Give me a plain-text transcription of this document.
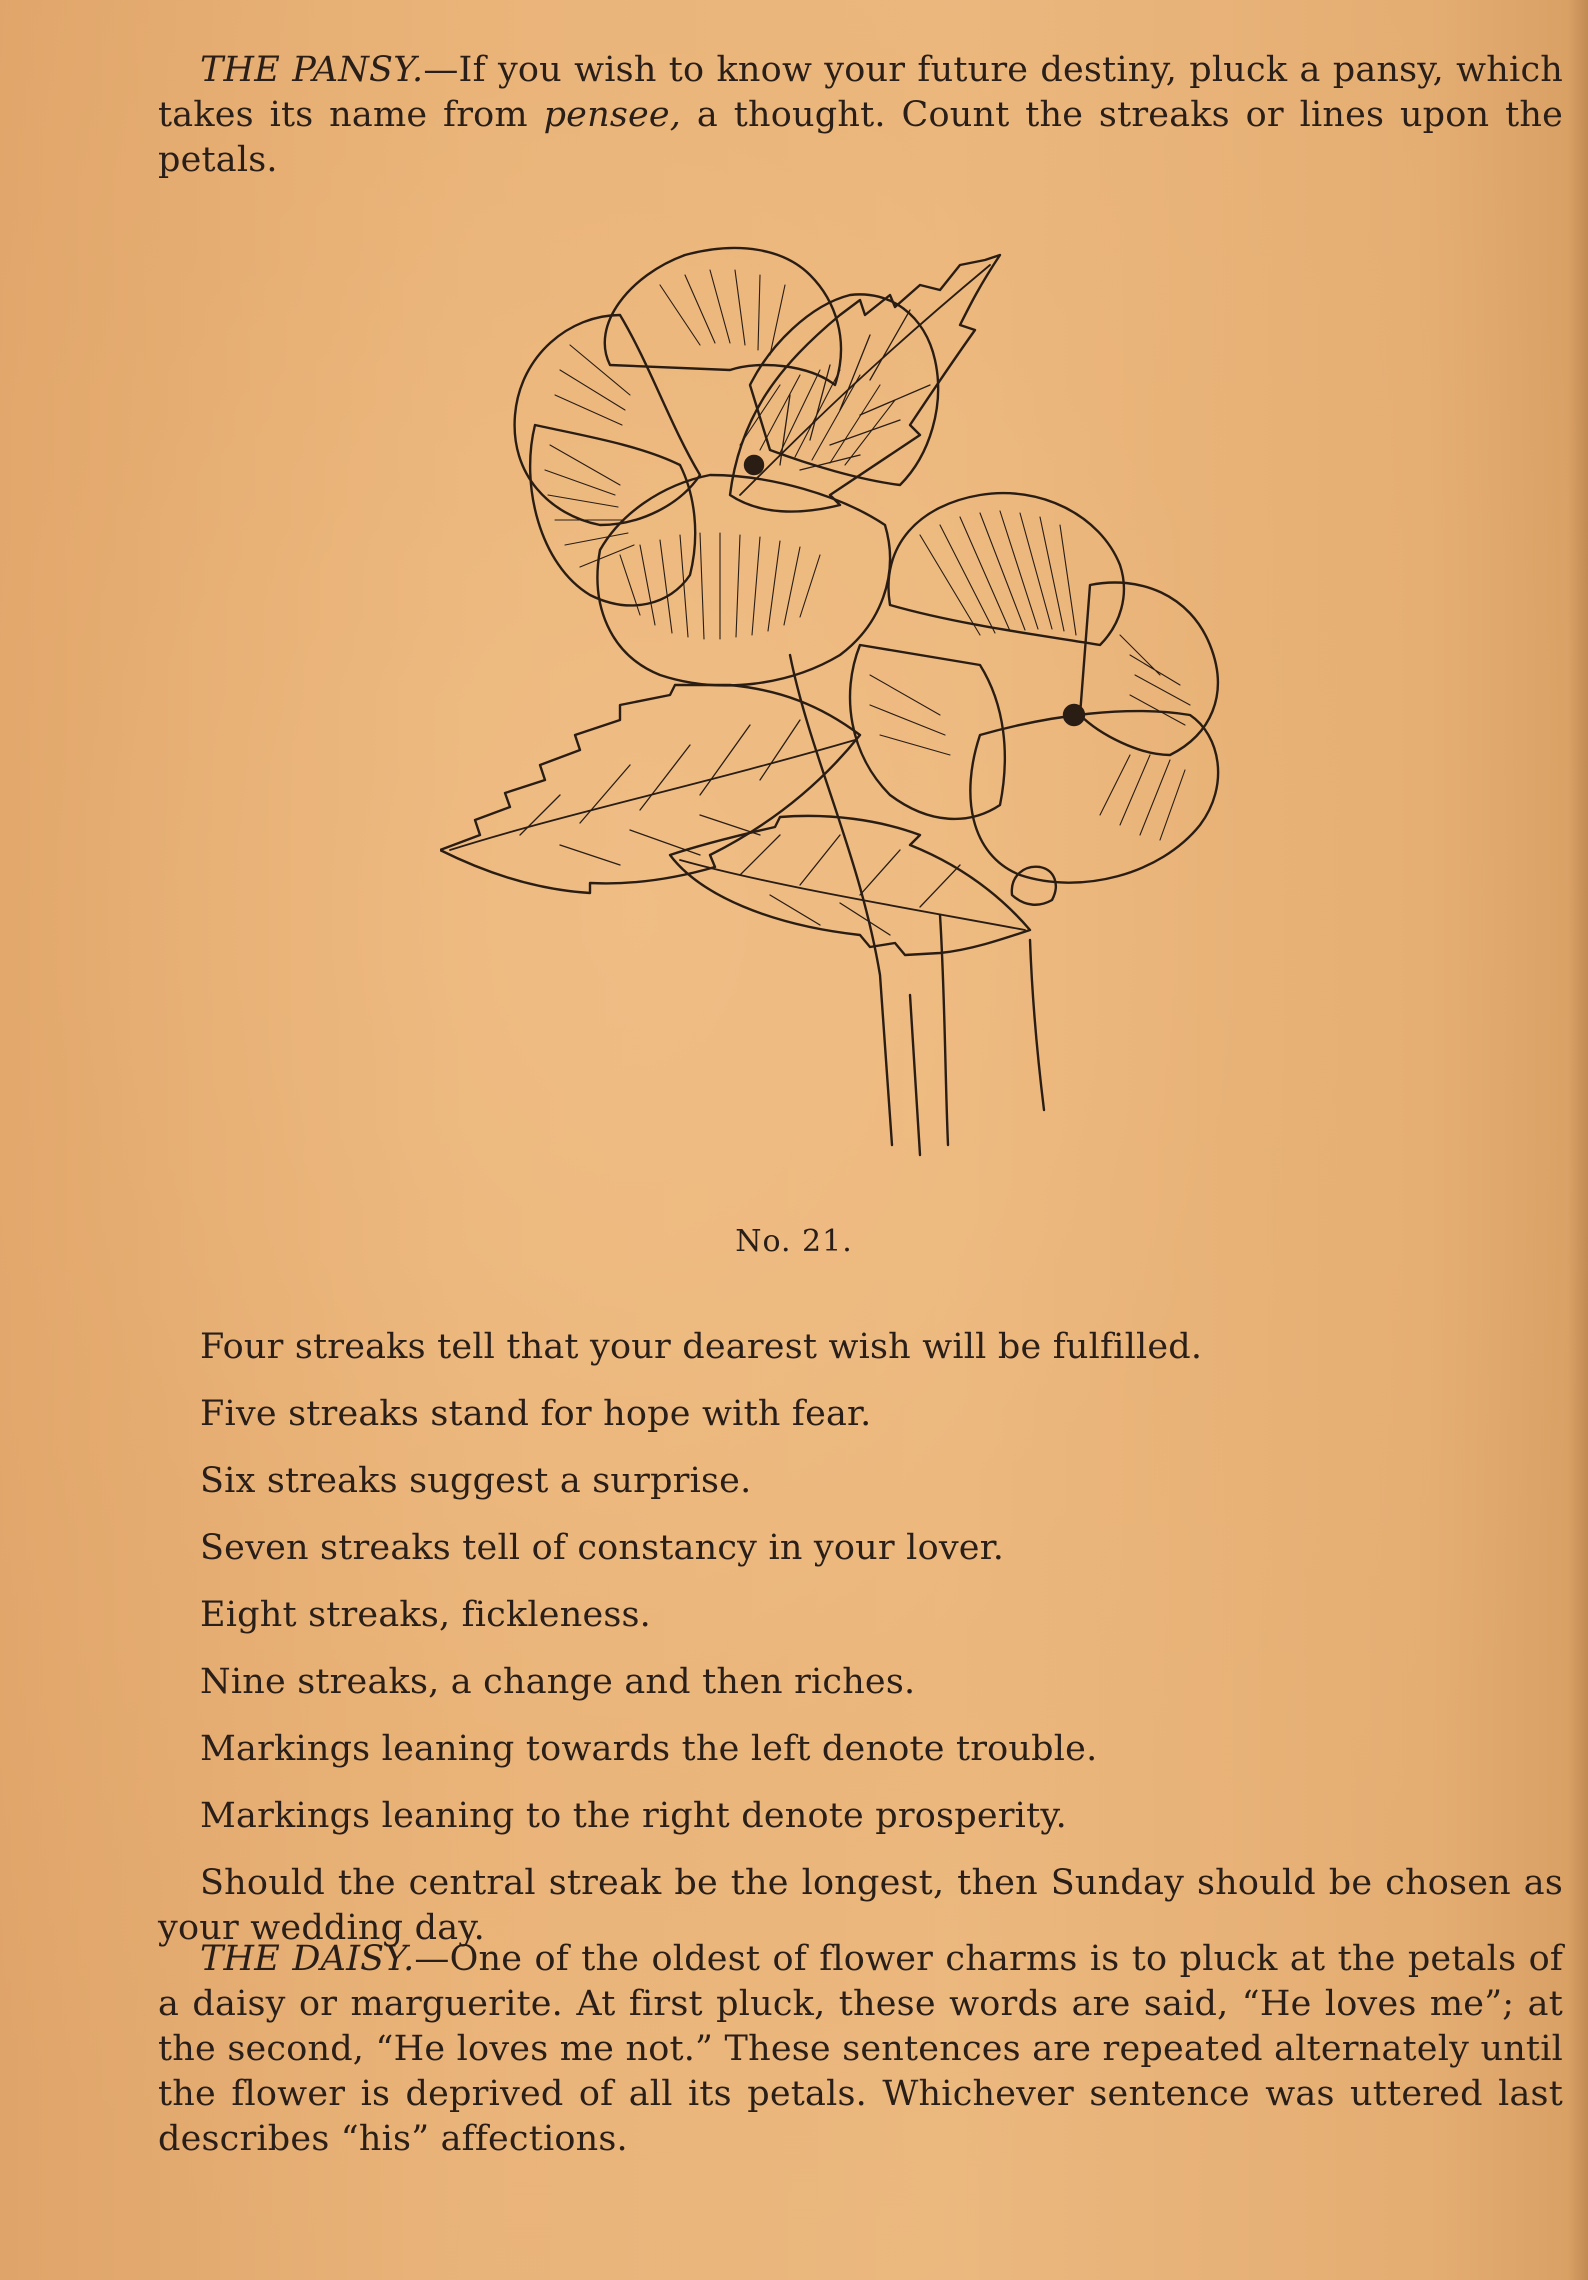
THE PANSY.—If you wish to know your future destiny, pluck a pansy, which takes its name from pensee, a thought. Count the streaks or lines upon the petals.

No. 21.
Four streaks tell that your dearest wish will be fulfilled.
Five streaks stand for hope with fear.
Six streaks suggest a surprise.
Seven streaks tell of constancy in your lover.
Eight streaks, fickleness.
Nine streaks, a change and then riches.
Markings leaning towards the left denote trouble.
Markings leaning to the right denote prosperity.
Should the central streak be the longest, then Sunday should be chosen as your wedding day.

THE DAISY.—One of the oldest of flower charms is to pluck at the petals of a daisy or marguerite. At first pluck, these words are said, “He loves me”; at the second, “He loves me not.” These sentences are repeated alternately until the flower is deprived of all its petals. Whichever sentence was uttered last describes “his” affections.
